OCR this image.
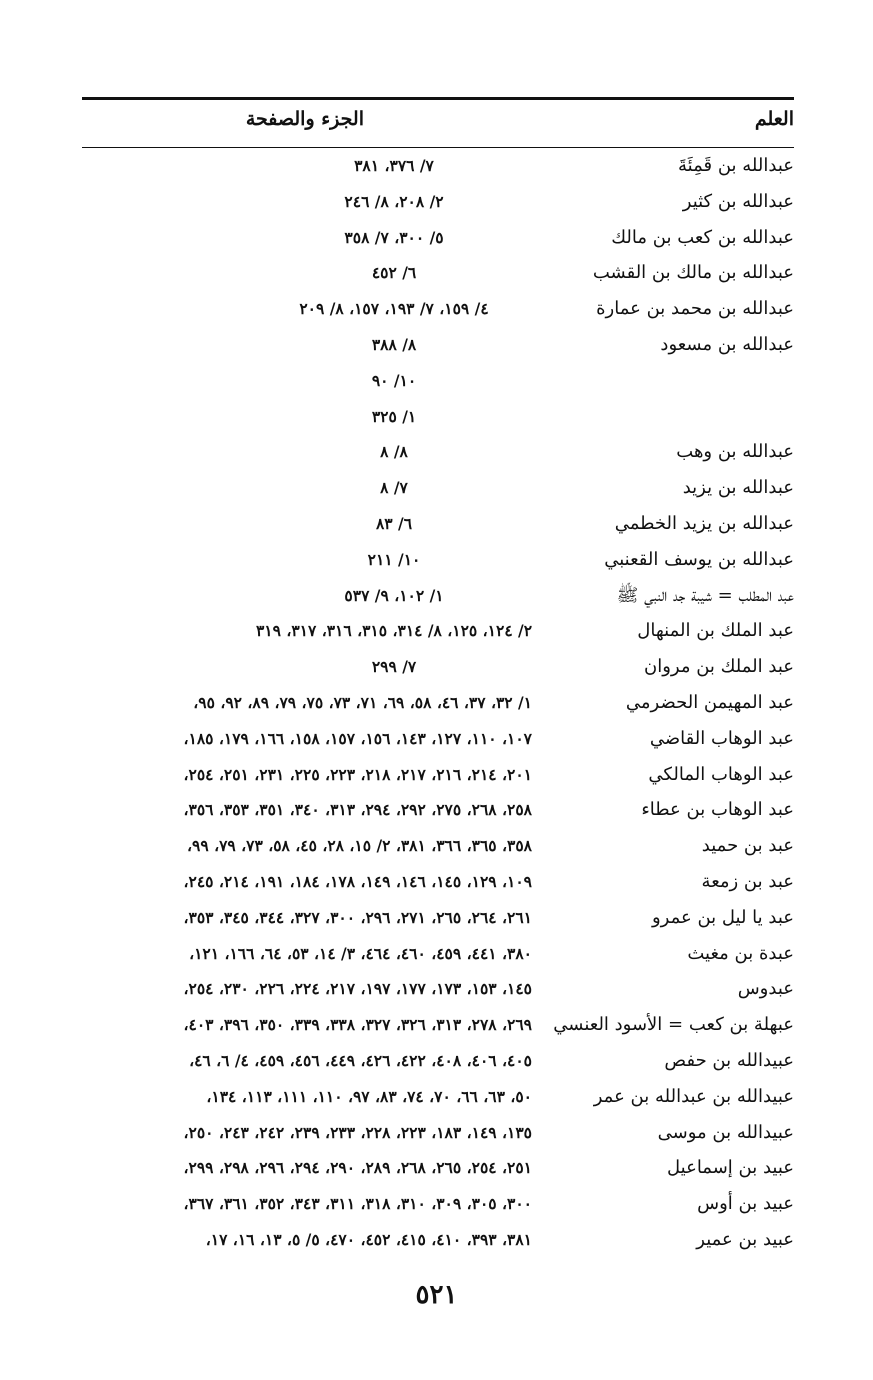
العلم
الجزء والصفحة
عبدالله بن قَمِئَةَ
٧/ ٣٧٦، ٣٨١
عبدالله بن كثير
٢/ ٢٠٨، ٨/ ٢٤٦
عبدالله بن كعب بن مالك
٥/ ٣٠٠، ٧/ ٣٥٨
عبدالله بن مالك بن القشب
٦/ ٤٥٢
عبدالله بن محمد بن عمارة
٤/ ١٥٩، ٧/ ١٩٣، ١٥٧، ٨/ ٢٠٩
عبدالله بن مسعود
٨/ ٣٨٨
١٠/ ٩٠
١/ ٣٢٥
عبدالله بن وهب
٨/ ٨
عبدالله بن يزيد
٧/ ٨
عبدالله بن يزيد الخطمي
٦/ ٨٣
عبدالله بن يوسف القعنبي
١٠/ ٢١١
عبد المطلب = شيبة جد النبي ﷺ
١/ ١٠٢، ٩/ ٥٣٧
عبد الملك بن المنهال
٢/ ١٢٤، ١٢٥، ٨/ ٣١٤، ٣١٥، ٣١٦، ٣١٧، ٣١٩
عبد الملك بن مروان
٧/ ٢٩٩
عبد المهيمن الحضرمي
١/ ٣٢، ٣٧، ٤٦، ٥٨، ٦٩، ٧١، ٧٣، ٧٥، ٧٩، ٨٩، ٩٢، ٩٥،
عبد الوهاب القاضي
١٠٧، ١١٠، ١٢٧، ١٤٣، ١٥٦، ١٥٧، ١٥٨، ١٦٦، ١٧٩، ١٨٥،
عبد الوهاب المالكي
٢٠١، ٢١٤، ٢١٦، ٢١٧، ٢١٨، ٢٢٣، ٢٢٥، ٢٣١، ٢٥١، ٢٥٤،
عبد الوهاب بن عطاء
٢٥٨، ٢٦٨، ٢٧٥، ٢٩٢، ٢٩٤، ٣١٣، ٣٤٠، ٣٥١، ٣٥٣، ٣٥٦،
عبد بن حميد
٣٥٨، ٣٦٥، ٣٦٦، ٣٨١، ٢/ ١٥، ٢٨، ٤٥، ٥٨، ٧٣، ٧٩، ٩٩،
عبد بن زمعة
١٠٩، ١٢٩، ١٤٥، ١٤٦، ١٤٩، ١٧٨، ١٨٤، ١٩١، ٢١٤، ٢٤٥،
عبد يا ليل بن عمرو
٢٦١، ٢٦٤، ٢٦٥، ٢٧١، ٢٩٦، ٣٠٠، ٣٢٧، ٣٤٤، ٣٤٥، ٣٥٣،
عبدة بن مغيث
٣٨٠، ٤٤١، ٤٥٩، ٤٦٠، ٤٦٤، ٣/ ١٤، ٥٣، ٦٤، ١٦٦، ١٢١،
عبدوس
١٤٥، ١٥٣، ١٧٣، ١٧٧، ١٩٧، ٢١٧، ٢٢٤، ٢٢٦، ٢٣٠، ٢٥٤،
عبهلة بن كعب = الأسود العنسي
٢٦٩، ٢٧٨، ٣١٣، ٣٢٦، ٣٢٧، ٣٣٨، ٣٣٩، ٣٥٠، ٣٩٦، ٤٠٣،
عبيدالله بن حفص
٤٠٥، ٤٠٦، ٤٠٨، ٤٢٢، ٤٢٦، ٤٤٩، ٤٥٦، ٤٥٩، ٤/ ٦، ٤٦،
عبيدالله بن عبدالله بن عمر
٥٠، ٦٣، ٦٦، ٧٠، ٧٤، ٨٣، ٩٧، ١١٠، ١١١، ١١٣، ١٣٤،
عبيدالله بن موسى
١٣٥، ١٤٩، ١٨٣، ٢٢٣، ٢٢٨، ٢٣٣، ٢٣٩، ٢٤٢، ٢٤٣، ٢٥٠،
عبيد بن إسماعيل
٢٥١، ٢٥٤، ٢٦٥، ٢٦٨، ٢٨٩، ٢٩٠، ٢٩٤، ٢٩٦، ٢٩٨، ٢٩٩،
عبيد بن أوس
٣٠٠، ٣٠٥، ٣٠٩، ٣١٠، ٣١٨، ٣١١، ٣٤٣، ٣٥٢، ٣٦١، ٣٦٧،
عبيد بن عمير
٣٨١، ٣٩٣، ٤١٠، ٤١٥، ٤٥٢، ٤٧٠، ٥/ ٥، ١٣، ١٦، ١٧،
٥٢١
